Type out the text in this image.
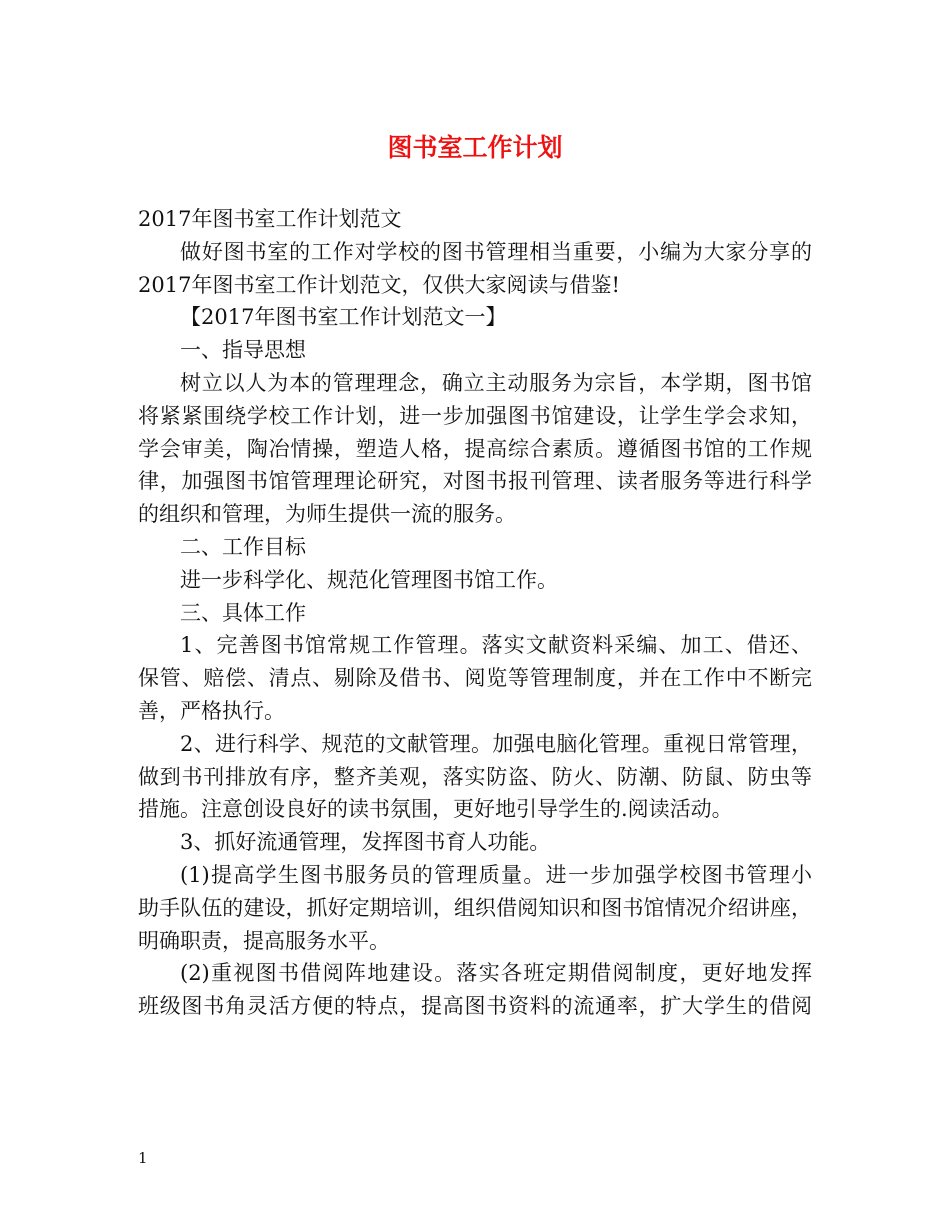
图书室工作计划
2017年图书室工作计划范文
做好图书室的工作对学校的图书管理相当重要，小编为大家分享的
2017年图书室工作计划范文，仅供大家阅读与借鉴!
【2017年图书室工作计划范文一】
一、指导思想
树立以人为本的管理理念，确立主动服务为宗旨，本学期，图书馆
将紧紧围绕学校工作计划，进一步加强图书馆建设，让学生学会求知，
学会审美，陶冶情操，塑造人格，提高综合素质。遵循图书馆的工作规
律，加强图书馆管理理论研究，对图书报刊管理、读者服务等进行科学
的组织和管理，为师生提供一流的服务。
二、工作目标
进一步科学化、规范化管理图书馆工作。
三、具体工作
1、完善图书馆常规工作管理。落实文献资料采编、加工、借还、
保管、赔偿、清点、剔除及借书、阅览等管理制度，并在工作中不断完
善，严格执行。
2、进行科学、规范的文献管理。加强电脑化管理。重视日常管理，
做到书刊排放有序，整齐美观，落实防盗、防火、防潮、防鼠、防虫等
措施。注意创设良好的读书氛围，更好地引导学生的.阅读活动。
3、抓好流通管理，发挥图书育人功能。
(1)提高学生图书服务员的管理质量。进一步加强学校图书管理小
助手队伍的建设，抓好定期培训，组织借阅知识和图书馆情况介绍讲座，
明确职责，提高服务水平。
(2)重视图书借阅阵地建设。落实各班定期借阅制度，更好地发挥
班级图书角灵活方便的特点，提高图书资料的流通率，扩大学生的借阅
1
